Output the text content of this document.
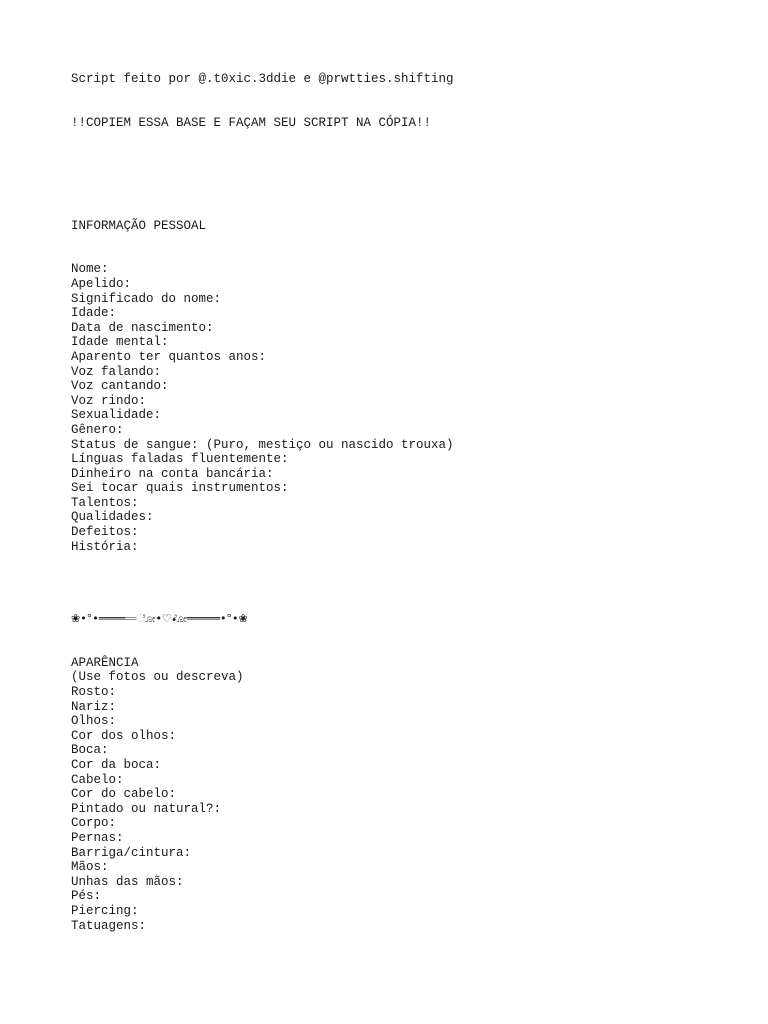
Script feito por @.t0xic.3ddie e @prwtties.shifting
!!COPIEM ESSA BASE E FAÇAM SEU SCRIPT NA CÓPIA!!
INFORMAÇÃO PESSOAL
Nome:
Apelido:
Significado do nome:
Idade:
Data de nascimento:
Idade mental:
Aparento ter quantos anos:
Voz falando:
Voz cantando:
Voz rindo:
Sexualidade:
Gênero:
Status de sangue: (Puro, mestiço ou nascido trouxa)
Línguas faladas fluentemente:
Dinheiro na conta bancária:
Sei tocar quais instrumentos:
Talentos:
Qualidades:
Defeitos:
História:
❀•°•═════ೋ•♡•ೋ═════•°•❀
APARÊNCIA
(Use fotos ou descreva)
Rosto:
Nariz:
Olhos:
Cor dos olhos:
Boca:
Cor da boca:
Cabelo:
Cor do cabelo:
Pintado ou natural?:
Corpo:
Pernas:
Barriga/cintura:
Mãos:
Unhas das mãos:
Pés:
Piercing:
Tatuagens:
